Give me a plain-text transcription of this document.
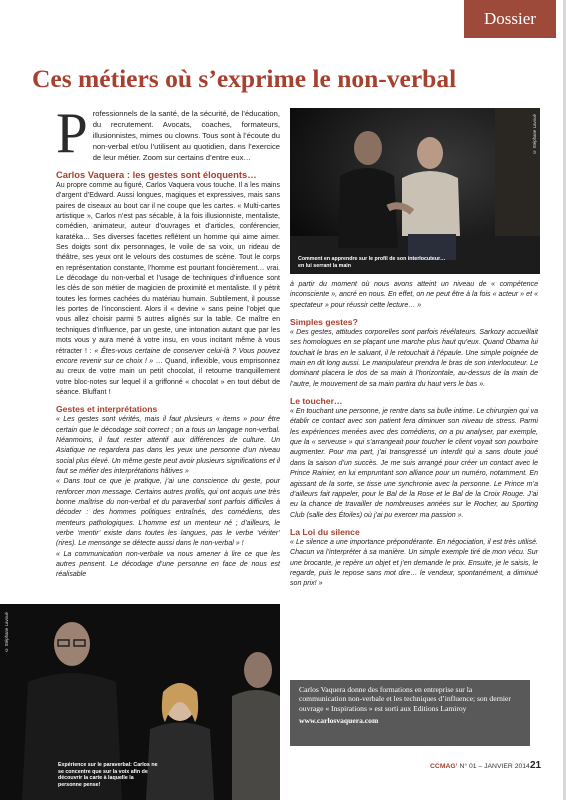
Dossier
Ces métiers où s’exprime le non-verbal
P rofessionnels de la santé, de la sécurité, de l’éducation, du recrutement. Avocats, coaches, formateurs, illusionnistes, mimes ou clowns. Tous sont à l’écoute du non-verbal et/ou l’utilisent au quotidien, dans l’exercice de leur métier. Zoom sur certains d’entre eux…
Carlos Vaquera : les gestes sont éloquents…

Au propre comme au figuré, Carlos Vaquera vous touche. Il a les mains d’argent d’Edward. Aussi longues, magiques et expressives, mais sans paires de ciseaux au bout car il ne coupe que les cartes. « Multi-cartes artistique », Carlos n’est pas sécable, à la fois illusionniste, mentaliste, comédien, animateur, auteur d’ouvrages et d’articles, conférencier, karatéka… Ses diverses facettes reflètent un homme qui aime aimer. Ses doigts sont dix personnages, le voile de sa voix, un rideau de théâtre, ses yeux ont le velours des costumes de scène. Tout le corps en représentation constante, l’homme est pourtant foncièrement… vrai. Le décodage du non-verbal et l’usage de techniques d’influence sont les clés de son métier de magicien de proximité et mentaliste. Il y pétrit toutes les formes cachées du matériau humain. Subtilement, il pousse les portes de l’inconscient. Alors il « devine » sans peine l’objet que vous allez choisir parmi 5 autres alignés sur la table. Ce maître en techniques d’influence, par un geste, une intonation autant que par les mots vous y aura mené à votre insu, en vous incitant même à vous rétracter ! : « Êtes-vous certaine de conserver celui-là ? Vous pouvez encore revenir sur ce choix ! » … Quand, inflexible, vous emprisonnez au creux de votre main un petit chocolat, il retourne tranquillement votre bloc-notes sur lequel il a griffonné « chocolat » en tout début de séance. Bluffant !

Gestes et interprétations

« Les gestes sont vérités, mais il faut plusieurs « items » pour être certain que le décodage soit correct ; on a tous un langage non-verbal. Néanmoins, il faut rester attentif aux différences de culture. Un Asiatique ne regardera pas dans les yeux une personne d’un niveau social plus élevé. Un même geste peut avoir plusieurs significations et il faut se méfier des interprétations hâtives »

« Dans tout ce que je pratique, j’ai une conscience du geste, pour renforcer mon message. Certains autres profils, qui ont acquis une très bonne maîtrise du non-verbal et du paraverbal sont parfois difficiles à décoder : des hommes politiques entraînés, des comédiens, des menteurs pathologiques. L’homme est un menteur né ; d’ailleurs, le verbe ‘mentir’ existe dans toutes les langues, pas le verbe ‘vériter’ (rires). Le mensonge se détecte aussi dans le non-verbal » !

« La communication non-verbale va nous amener à lire ce que les autres pensent. Le décodage d’une personne en face de nous est réalisable

Comment en apprendre sur le profil de son interlocuteur… en lui serrant la main
© Stéphane Lavoué
Expérience sur le paraverbal: Carlos ne se concentre que sur la voix afin de découvrir la carte à laquelle la personne pense!
© Stéphane Lavoué

à partir du moment où nous avons atteint un niveau de « compétence inconsciente », ancré en nous. En effet, on ne peut être à la fois « acteur » et « spectateur » pour réussir cette lecture… »

Simples gestes?

« Des gestes, attitudes corporelles sont parfois révélateurs. Sarkozy accueillait ses homologues en se plaçant une marche plus haut qu’eux. Quand Obama lui touchait le bras en le saluant, il le retouchait à l’épaule. Une simple poignée de main en dit long aussi. Le manipulateur prendra le bras de son interlocuteur. Le dominant placera le dos de sa main à l’horizontale, au-dessus de la main de l’autre, le mouvement de sa main partira du haut vers le bas ».

Le toucher…

« En touchant une personne, je rentre dans sa bulle intime. Le chirurgien qui va établir ce contact avec son patient fera diminuer son niveau de stress. Parmi les expériences menées avec des comédiens, on a pu analyser, par exemple, que la « serveuse » qui s’arrangeait pour toucher le client voyait son pourboire augmenter. Pour ma part, j’ai transgressé un interdit qui a sans doute joué dans la saison d’un succès. Je me suis arrangé pour créer un contact avec le Prince Rainier, en lui empruntant son alliance pour un numéro, notamment. En agissant de la sorte, se tisse une synchronie avec la personne. Le Prince m’a d’ailleurs fait rappeler, pour le Bal de la Rose et le Bal de la Croix Rouge. J’ai eu la chance de travailler de nombreuses années sur le Rocher, au Sporting Club (salle des Étoiles) où j’ai pu exercer ma passion ».

La Loi du silence

« Le silence a une importance prépondérante. En négociation, il est très utilisé. Chacun va l’interpréter à sa manière. Un simple exemple tiré de mon vécu. Sur une brocante, je repère un objet et j’en demande le prix. Ensuite, je le saisis, le regarde, puis le repose sans mot dire… le vendeur, spontanément, a diminué son prix! »

Carlos Vaquera donne des formations en entreprise sur la communication non-verbale et les techniques d’influence; son dernier ouvrage « Inspirations » est sorti aux Editions Lamiroy
www.carlosvaquera.com
CCMAG’ N° 01 – JANVIER 2014 21
